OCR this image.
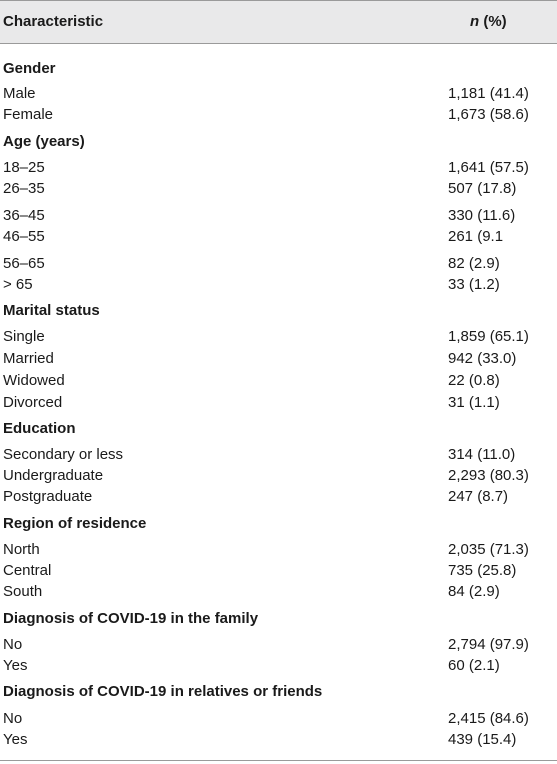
Characteristic	n (%)
Gender
Male	1,181 (41.4)
Female	1,673 (58.6)
Age (years)
18–25	1,641 (57.5)
26–35	507 (17.8)
36–45	330 (11.6)
46–55	261 (9.1
56–65	82 (2.9)
> 65	33 (1.2)
Marital status
Single	1,859 (65.1)
Married	942 (33.0)
Widowed	22 (0.8)
Divorced	31 (1.1)
Education
Secondary or less	314 (11.0)
Undergraduate	2,293 (80.3)
Postgraduate	247 (8.7)
Region of residence
North	2,035 (71.3)
Central	735 (25.8)
South	84 (2.9)
Diagnosis of COVID-19 in the family
No	2,794 (97.9)
Yes	60 (2.1)
Diagnosis of COVID-19 in relatives or friends
No	2,415 (84.6)
Yes	439 (15.4)
